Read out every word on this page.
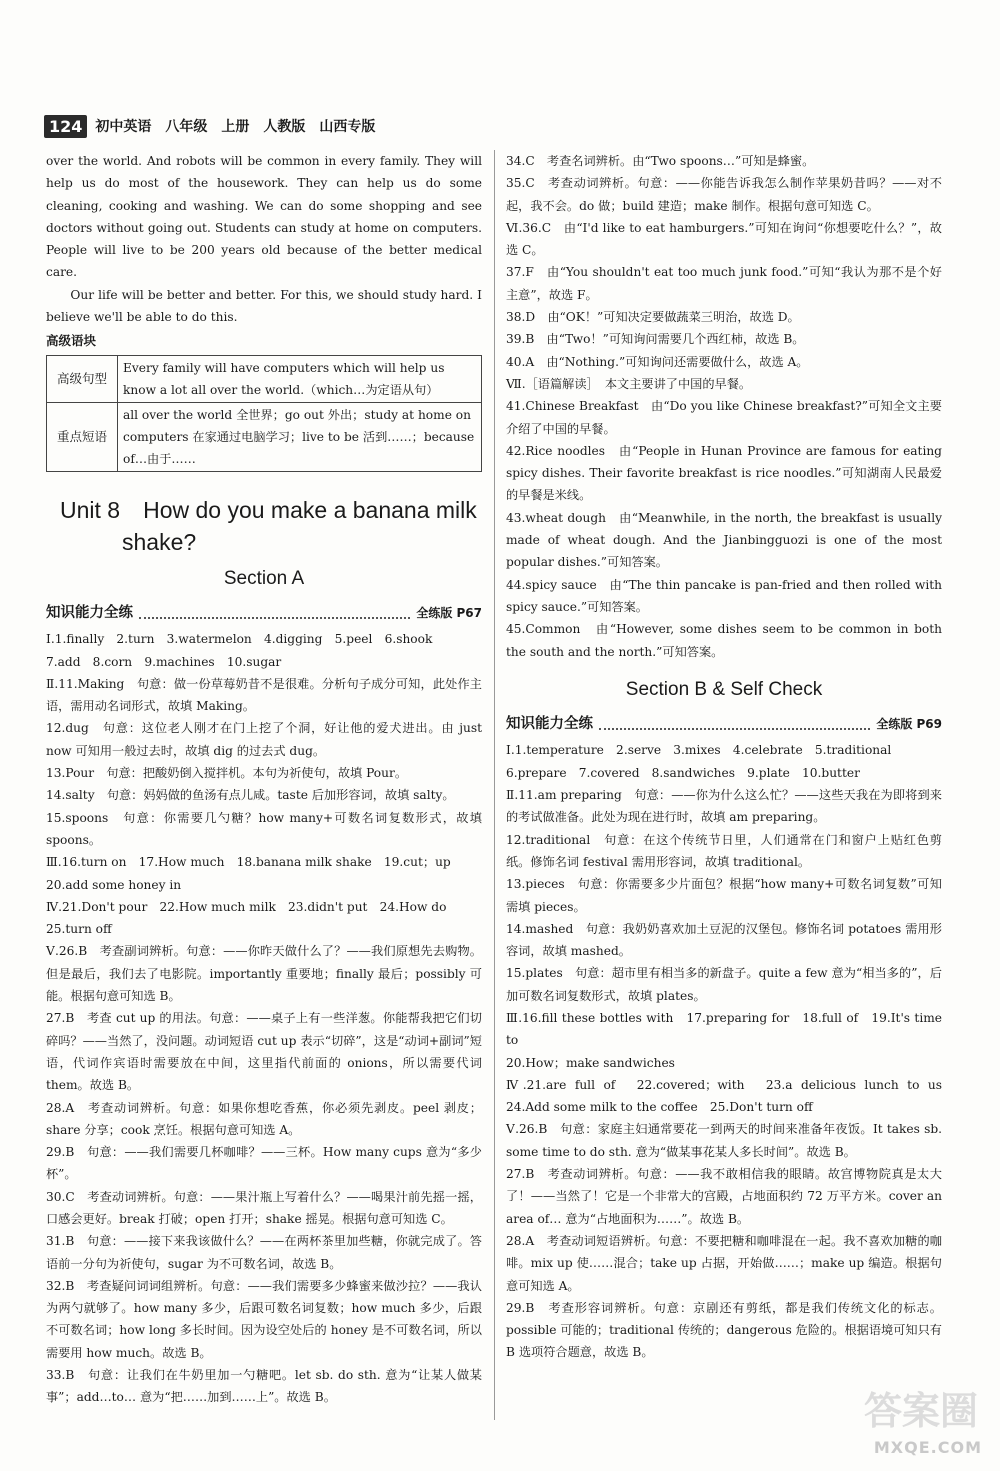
124 初中英语　八年级　上册　人教版　山西专版

over the world. And robots will be common in every family. They will help us do most of the housework. They can help us do some cleaning, cooking and washing. We can do some shopping and see doctors without going out. Students can study at home on computers. People will live to be 200 years old because of the better medical care.

Our life will be better and better. For this, we should study hard. I believe we'll be able to do this.

高级语块
高级句型	Every family will have computers which will help us know a lot all over the world.（which…为定语从句）
重点短语	all over the world 全世界；go out 外出；study at home on computers 在家通过电脑学习；live to be 活到……；because of…由于……
Unit 8　How do you make a banana milk shake?
Section A
知识能力全练	全练版 P67

Ⅰ.1.finally　2.turn　3.watermelon　4.digging　5.peel　6.shook

7.add　8.corn　9.machines　10.sugar

Ⅱ.11.Making　句意：做一份草莓奶昔不是很难。分析句子成分可知，此处作主语，需用动名词形式，故填 Making。

12.dug　句意：这位老人刚才在门上挖了个洞，好让他的爱犬进出。由 just now 可知用一般过去时，故填 dig 的过去式 dug。

13.Pour　句意：把酸奶倒入搅拌机。本句为祈使句，故填 Pour。

14.salty　句意：妈妈做的鱼汤有点儿咸。taste 后加形容词，故填 salty。

15.spoons　句意：你需要几勺糖？how many+可数名词复数形式，故填 spoons。

Ⅲ.16.turn on　17.How much　18.banana milk shake　19.cut；up

20.add some honey in

Ⅳ.21.Don't pour　22.How much milk　23.didn't put　24.How do

25.turn off

Ⅴ.26.B　考查副词辨析。句意：——你昨天做什么了？——我们原想先去购物。但是最后，我们去了电影院。importantly 重要地；finally 最后；possibly 可能。根据句意可知选 B。

27.B　考查 cut up 的用法。句意：——桌子上有一些洋葱。你能帮我把它们切碎吗？——当然了，没问题。动词短语 cut up 表示“切碎”，这是“动词+副词”短语，代词作宾语时需要放在中间，这里指代前面的 onions，所以需要代词 them。故选 B。

28.A　考查动词辨析。句意：如果你想吃香蕉，你必须先剥皮。peel 剥皮；share 分享；cook 烹饪。根据句意可知选 A。

29.B　句意：——我们需要几杯咖啡？——三杯。How many cups 意为“多少杯”。

30.C　考查动词辨析。句意：——果汁瓶上写着什么？——喝果汁前先摇一摇，口感会更好。break 打破；open 打开；shake 摇晃。根据句意可知选 C。

31.B　句意：——接下来我该做什么？——在两杯茶里加些糖，你就完成了。答语前一分句为祈使句，sugar 为不可数名词，故选 B。

32.B　考查疑问词词组辨析。句意：——我们需要多少蜂蜜来做沙拉？——我认为两勺就够了。how many 多少，后跟可数名词复数；how much 多少，后跟不可数名词；how long 多长时间。因为设空处后的 honey 是不可数名词，所以需要用 how much。故选 B。

33.B　句意：让我们在牛奶里加一勺糖吧。let sb. do sth. 意为“让某人做某事”；add…to… 意为“把……加到……上”。故选 B。

34.C　考查名词辨析。由“Two spoons…”可知是蜂蜜。

35.C　考查动词辨析。句意：——你能告诉我怎么制作苹果奶昔吗？——对不起，我不会。do 做；build 建造；make 制作。根据句意可知选 C。

Ⅵ.36.C　由“I'd like to eat hamburgers.”可知在询问“你想要吃什么？”，故选 C。

37.F　由“You shouldn't eat too much junk food.”可知“我认为那不是个好主意”，故选 F。

38.D　由“OK！”可知决定要做蔬菜三明治，故选 D。

39.B　由“Two！”可知询问需要几个西红柿，故选 B。

40.A　由“Nothing.”可知询问还需要做什么，故选 A。

Ⅶ.［语篇解读］　本文主要讲了中国的早餐。

41.Chinese Breakfast　由“Do you like Chinese breakfast?”可知全文主要介绍了中国的早餐。

42.Rice noodles　由“People in Hunan Province are famous for eating spicy dishes. Their favorite breakfast is rice noodles.”可知湖南人民最爱的早餐是米线。

43.wheat dough　由“Meanwhile, in the north, the breakfast is usually made of wheat dough. And the Jianbingguozi is one of the most popular dishes.”可知答案。

44.spicy sauce　由“The thin pancake is pan-fried and then rolled with spicy sauce.”可知答案。

45.Common　由“However, some dishes seem to be common in both the south and the north.”可知答案。

Section B & Self Check
知识能力全练	全练版 P69

Ⅰ.1.temperature　2.serve　3.mixes　4.celebrate　5.traditional

6.prepare　7.covered　8.sandwiches　9.plate　10.butter

Ⅱ.11.am preparing　句意：——你为什么这么忙？——这些天我在为即将到来的考试做准备。此处为现在进行时，故填 am preparing。

12.traditional　句意：在这个传统节日里，人们通常在门和窗户上贴红色剪纸。修饰名词 festival 需用形容词，故填 traditional。

13.pieces　句意：你需要多少片面包？根据“how many+可数名词复数”可知需填 pieces。

14.mashed　句意：我奶奶喜欢加土豆泥的汉堡包。修饰名词 potatoes 需用形容词，故填 mashed。

15.plates　句意：超市里有相当多的新盘子。quite a few 意为“相当多的”，后加可数名词复数形式，故填 plates。

Ⅲ.16.fill these bottles with　17.preparing for　18.full of　19.It's time to

20.How；make sandwiches

Ⅳ.21.are full of　22.covered；with　23.a delicious lunch to us　24.Add some milk to the coffee　25.Don't turn off

Ⅴ.26.B　句意：家庭主妇通常要花一到两天的时间来准备年夜饭。It takes sb. some time to do sth. 意为“做某事花某人多长时间”。故选 B。

27.B　考查动词辨析。句意：——我不敢相信我的眼睛。故宫博物院真是太大了！——当然了！它是一个非常大的宫殿，占地面积约 72 万平方米。cover an area of… 意为“占地面积为……”。故选 B。

28.A　考查动词短语辨析。句意：不要把糖和咖啡混在一起。我不喜欢加糖的咖啡。mix up 使……混合；take up 占据，开始做……；make up 编造。根据句意可知选 A。

29.B　考查形容词辨析。句意：京剧还有剪纸，都是我们传统文化的标志。possible 可能的；traditional 传统的；dangerous 危险的。根据语境可知只有 B 选项符合题意，故选 B。

答案圈
MXQE.COM
